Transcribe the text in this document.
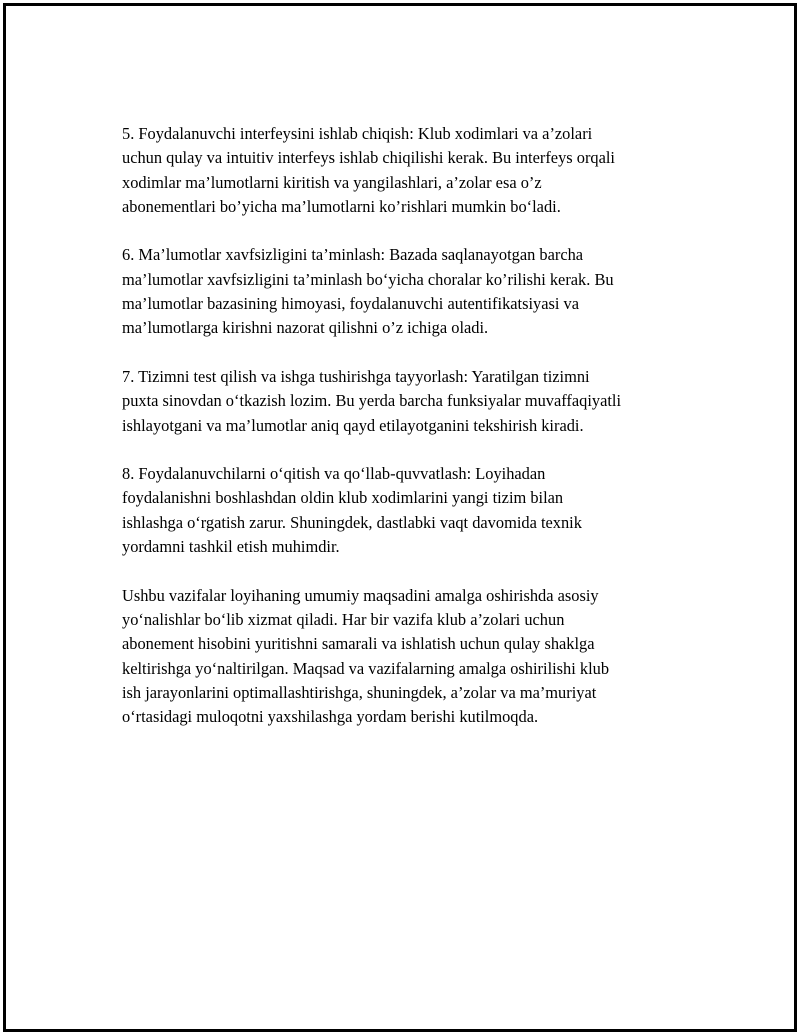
5. Foydalanuvchi interfeysini ishlab chiqish: Klub xodimlari va a’zolari
uchun qulay va intuitiv interfeys ishlab chiqilishi kerak. Bu interfeys orqali
xodimlar ma’lumotlarni kiritish va yangilashlari, a’zolar esa o’z
abonementlari bo’yicha ma’lumotlarni ko’rishlari mumkin bo‘ladi.

6. Ma’lumotlar xavfsizligini ta’minlash: Bazada saqlanayotgan barcha
ma’lumotlar xavfsizligini ta’minlash bo‘yicha choralar ko’rilishi kerak. Bu
ma’lumotlar bazasining himoyasi, foydalanuvchi autentifikatsiyasi va
ma’lumotlarga kirishni nazorat qilishni o’z ichiga oladi.

7. Tizimni test qilish va ishga tushirishga tayyorlash: Yaratilgan tizimni
puxta sinovdan o‘tkazish lozim. Bu yerda barcha funksiyalar muvaffaqiyatli
ishlayotgani va ma’lumotlar aniq qayd etilayotganini tekshirish kiradi.

8. Foydalanuvchilarni o‘qitish va qo‘llab-quvvatlash: Loyihadan
foydalanishni boshlashdan oldin klub xodimlarini yangi tizim bilan
ishlashga o‘rgatish zarur. Shuningdek, dastlabki vaqt davomida texnik
yordamni tashkil etish muhimdir.

Ushbu vazifalar loyihaning umumiy maqsadini amalga oshirishda asosiy
yo‘nalishlar bo‘lib xizmat qiladi. Har bir vazifa klub a’zolari uchun
abonement hisobini yuritishni samarali va ishlatish uchun qulay shaklga
keltirishga yo‘naltirilgan. Maqsad va vazifalarning amalga oshirilishi klub
ish jarayonlarini optimallashtirishga, shuningdek, a’zolar va ma’muriyat
o‘rtasidagi muloqotni yaxshilashga yordam berishi kutilmoqda.
